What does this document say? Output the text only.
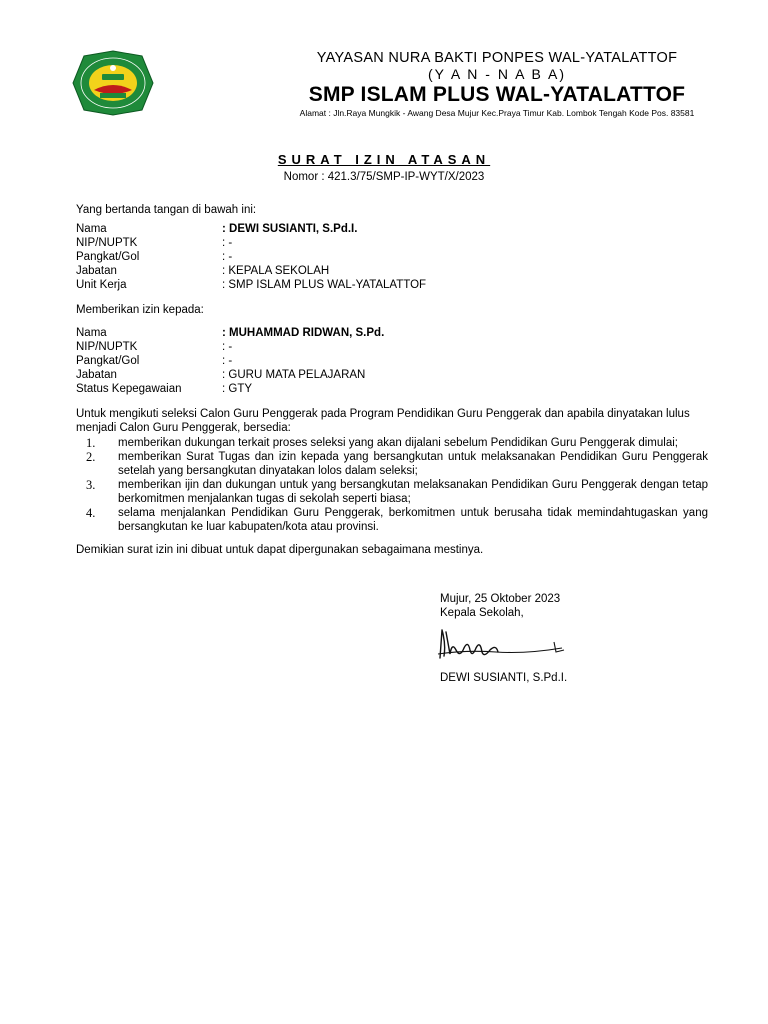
YAYASAN NURA BAKTI PONPES WAL-YATALATTOF
(Y A N - N A B A)
SMP ISLAM PLUS WAL-YATALATTOF
Alamat : Jln.Raya Mungkik - Awang Desa Mujur Kec.Praya Timur Kab. Lombok Tengah Kode Pos. 83581
SURAT IZIN ATASAN
Nomor : 421.3/75/SMP-IP-WYT/X/2023
Yang bertanda tangan di bawah ini:
Nama	: DEWI SUSIANTI, S.Pd.I.
NIP/NUPTK	: -
Pangkat/Gol	: -
Jabatan	: KEPALA SEKOLAH
Unit Kerja	: SMP ISLAM PLUS WAL-YATALATTOF
Memberikan izin kepada:
Nama	: MUHAMMAD RIDWAN, S.Pd.
NIP/NUPTK	: -
Pangkat/Gol	: -
Jabatan	: GURU MATA PELAJARAN
Status Kepegawaian	: GTY
Untuk mengikuti seleksi Calon Guru Penggerak pada Program Pendidikan Guru Penggerak dan apabila dinyatakan lulus menjadi Calon Guru Penggerak, bersedia:
1.	memberikan dukungan terkait proses seleksi yang akan dijalani sebelum Pendidikan Guru Penggerak dimulai;
2.	memberikan Surat Tugas dan izin kepada yang bersangkutan untuk melaksanakan Pendidikan Guru Penggerak setelah yang bersangkutan dinyatakan lolos dalam seleksi;
3.	memberikan ijin dan dukungan untuk yang bersangkutan melaksanakan Pendidikan Guru Penggerak dengan tetap berkomitmen menjalankan tugas di sekolah seperti biasa;
4.	selama menjalankan Pendidikan Guru Penggerak, berkomitmen untuk berusaha tidak memindahtugaskan yang bersangkutan ke luar kabupaten/kota atau provinsi.
Demikian surat izin ini dibuat untuk dapat dipergunakan sebagaimana mestinya.
Mujur, 25 Oktober 2023
Kepala Sekolah,
DEWI SUSIANTI, S.Pd.I.
